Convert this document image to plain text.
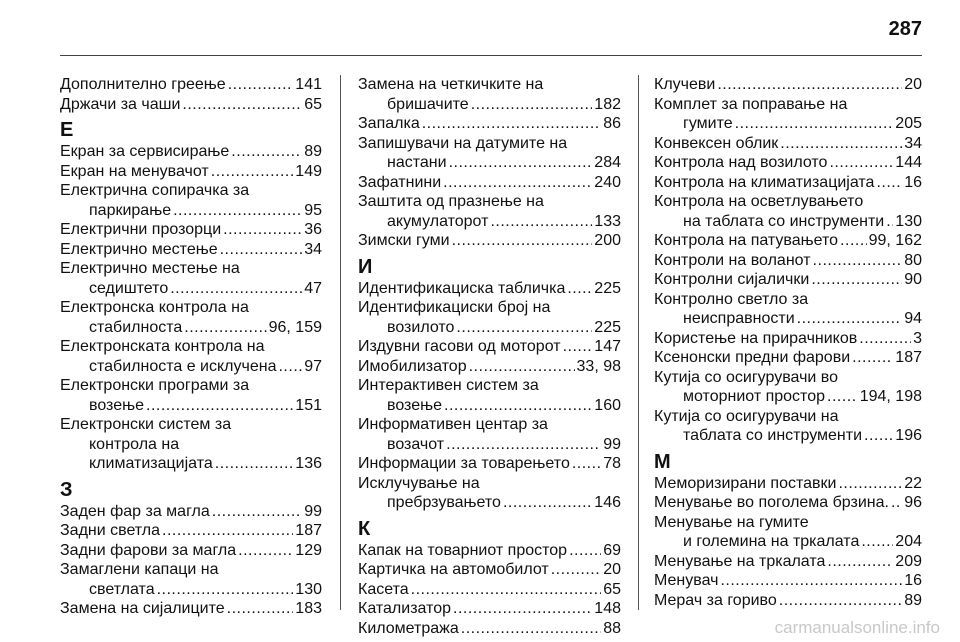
287
Дополнително греење .....	141
Држачи за чаши .....	65
Е
Екран за сервисирање .....	89
Екран на менувачот .....	149
Електрична сопирачка за
паркирање .....	95
Електрични прозорци .....	36
Електрично местење .....	34
Електрично местење на
седиштето .....	47
Електронска контрола на
стабилноста .....	96, 159
Електронската контрола на
стабилноста е исклучена ..... 97
Електронски програми за
возење .....	151
Електронски систем за
контрола на
климатизацијата .....	136
З
Заден фар за магла .....	99
Задни светла .....	187
Задни фарови за магла .....	129
Замаглени капаци на
светлата .....	130
Замена на сијалиците .....	183
Замена на четкичките на
бришачите .....	182
Запалка .....	86
Запишувачи на датумите на
настани .....	284
Зафатнини .....	240
Заштита од празнење на
акумулаторот .....	133
Зимски гуми .....	200
И
Идентификациска табличка ..... 225
Идентификациски број на
возилото .....	225
Издувни гасови од моторот ..... 147
Имобилизатор .....	33, 98
Интерактивен систем за
возење .....	160
Информативен центар за
возачот .....	99
Информации за товарењето ..... 78
Исклучување на
пребрзувањето .....	146
К
Капак на товарниот простор ..... 69
Картичка на автомобилот .....	20
Касета .....	65
Катализатор .....	148
Километража .....	88
Клучеви .....	20
Комплет за поправање на
гумите .....	205
Конвексен облик .....	34
Контрола над возилото .....	144
Контрола на климатизацијата ..... 16
Контрола на осветлувањето
на таблата со инструменти ..... 130
Контрола на патувањето ..... 99, 162
Контроли на воланот .....	80
Контролни сијалички .....	90
Контролно светло за
неисправности .....	94
Користење на прирачников .....	3
Ксенонски предни фарови .....	187
Кутија со осигурувачи во
моторниот простор ..... 194, 198
Кутија со осигурувачи на
таблата со инструменти ..... 196
М
Меморизирани поставки .....	22
Менување во поголема брзина. ..... 96
Менување на гумите
и големина на тркалата ..... 204
Менување на тркалата .....	209
Менувач .....	16
Мерач за гориво .....	89
carmanualsonline.info
